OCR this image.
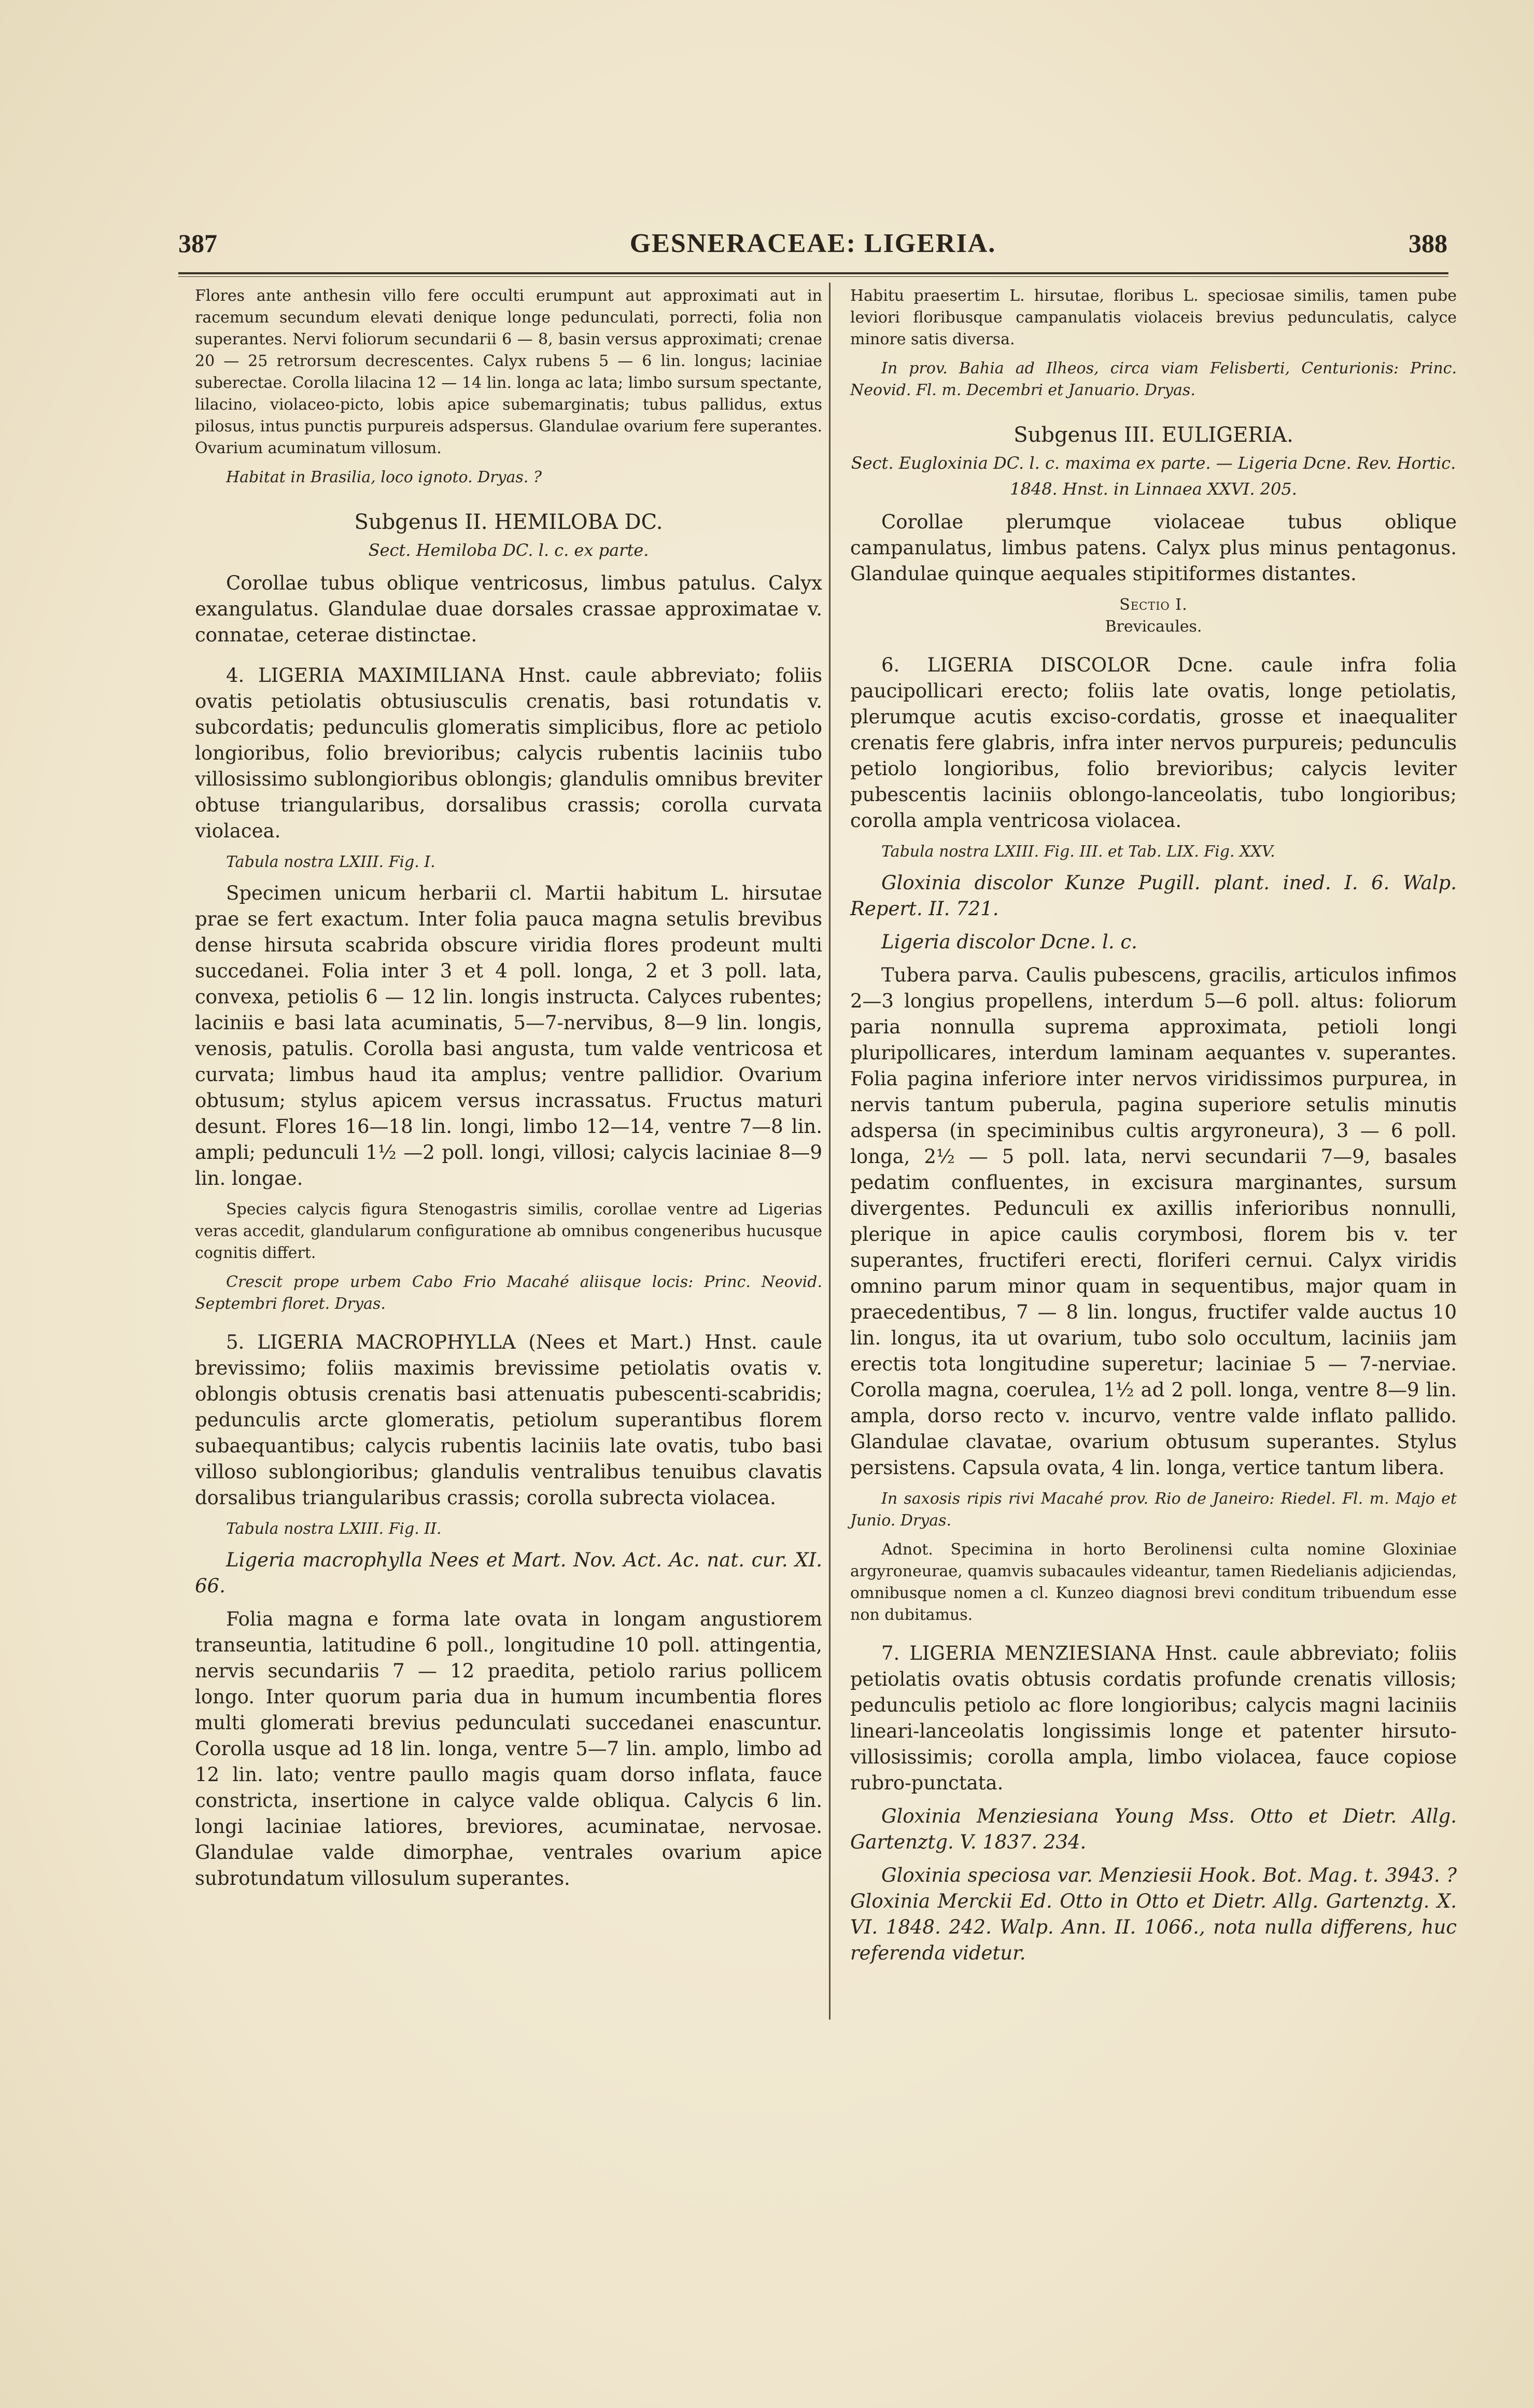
387	GESNERACEAE: LIGERIA.	388

Flores ante anthesin villo fere occulti erumpunt aut approximati aut in racemum secundum elevati denique longe pedunculati, porrecti, folia non superantes. Nervi foliorum secundarii 6 — 8, basin versus approximati; crenae 20 — 25 retrorsum decrescentes. Calyx rubens 5 — 6 lin. longus; laciniae suberectae. Corolla lilacina 12 — 14 lin. longa ac lata; limbo sursum spectante, lilacino, violaceo-picto, lobis apice subemarginatis; tubus pallidus, extus pilosus, intus punctis purpureis adspersus. Glandulae ovarium fere superantes. Ovarium acuminatum villosum.

Habitat in Brasilia, loco ignoto. Dryas. ?

Subgenus II. HEMILOBA DC.
Sect. Hemiloba DC. l. c. ex parte.

Corollae tubus oblique ventricosus, limbus patulus. Calyx exangulatus. Glandulae duae dorsales crassae approximatae v. connatae, ceterae distinctae.

4. LIGERIA MAXIMILIANA Hnst. caule abbreviato; foliis ovatis petiolatis obtusiusculis crenatis, basi rotundatis v. subcordatis; pedunculis glomeratis simplicibus, flore ac petiolo longioribus, folio brevioribus; calycis rubentis laciniis tubo villosissimo sublongioribus oblongis; glandulis omnibus breviter obtuse triangularibus, dorsalibus crassis; corolla curvata violacea.

Tabula nostra LXIII. Fig. I.

Specimen unicum herbarii cl. Martii habitum L. hirsutae prae se fert exactum. Inter folia pauca magna setulis brevibus dense hirsuta scabrida obscure viridia flores prodeunt multi succedanei. Folia inter 3 et 4 poll. longa, 2 et 3 poll. lata, convexa, petiolis 6 — 12 lin. longis instructa. Calyces rubentes; laciniis e basi lata acuminatis, 5—7-nervibus, 8—9 lin. longis, venosis, patulis. Corolla basi angusta, tum valde ventricosa et curvata; limbus haud ita amplus; ventre pallidior. Ovarium obtusum; stylus apicem versus incrassatus. Fructus maturi desunt. Flores 16—18 lin. longi, limbo 12—14, ventre 7—8 lin. ampli; pedunculi 1½ —2 poll. longi, villosi; calycis laciniae 8—9 lin. longae.

Species calycis figura Stenogastris similis, corollae ventre ad Ligerias veras accedit, glandularum configuratione ab omnibus congeneribus hucusque cognitis differt.

Crescit prope urbem Cabo Frio Macahé aliisque locis: Princ. Neovid. Septembri floret. Dryas.

5. LIGERIA MACROPHYLLA (Nees et Mart.) Hnst. caule brevissimo; foliis maximis brevissime petiolatis ovatis v. oblongis obtusis crenatis basi attenuatis pubescenti-scabridis; pedunculis arcte glomeratis, petiolum superantibus florem subaequantibus; calycis rubentis laciniis late ovatis, tubo basi villoso sublongioribus; glandulis ventralibus tenuibus clavatis dorsalibus triangularibus crassis; corolla subrecta violacea.

Tabula nostra LXIII. Fig. II.

Ligeria macrophylla Nees et Mart. Nov. Act. Ac. nat. cur. XI. 66.

Folia magna e forma late ovata in longam angustiorem transeuntia, latitudine 6 poll., longitudine 10 poll. attingentia, nervis secundariis 7 — 12 praedita, petiolo rarius pollicem longo. Inter quorum paria dua in humum incumbentia flores multi glomerati brevius pedunculati succedanei enascuntur. Corolla usque ad 18 lin. longa, ventre 5—7 lin. amplo, limbo ad 12 lin. lato; ventre paullo magis quam dorso inflata, fauce constricta, insertione in calyce valde obliqua. Calycis 6 lin. longi laciniae latiores, breviores, acuminatae, nervosae. Glandulae valde dimorphae, ventrales ovarium apice subrotundatum villosulum superantes.

Habitu praesertim L. hirsutae, floribus L. speciosae similis, tamen pube leviori floribusque campanulatis violaceis brevius pedunculatis, calyce minore satis diversa.

In prov. Bahia ad Ilheos, circa viam Felisberti, Centurionis: Princ. Neovid. Fl. m. Decembri et Januario. Dryas.

Subgenus III. EULIGERIA.
Sect. Eugloxinia DC. l. c. maxima ex parte. — Ligeria Dcne. Rev. Hortic. 1848. Hnst. in Linnaea XXVI. 205.

Corollae plerumque violaceae tubus oblique campanulatus, limbus patens. Calyx plus minus pentagonus. Glandulae quinque aequales stipitiformes distantes.

Sectio I.
Brevicaules.

6. LIGERIA DISCOLOR Dcne. caule infra folia paucipollicari erecto; foliis late ovatis, longe petiolatis, plerumque acutis exciso-cordatis, grosse et inaequaliter crenatis fere glabris, infra inter nervos purpureis; pedunculis petiolo longioribus, folio brevioribus; calycis leviter pubescentis laciniis oblongo-lanceolatis, tubo longioribus; corolla ampla ventricosa violacea.

Tabula nostra LXIII. Fig. III. et Tab. LIX. Fig. XXV.

Gloxinia discolor Kunze Pugill. plant. ined. I. 6. Walp. Repert. II. 721.

Ligeria discolor Dcne. l. c.

Tubera parva. Caulis pubescens, gracilis, articulos infimos 2—3 longius propellens, interdum 5—6 poll. altus: foliorum paria nonnulla suprema approximata, petioli longi pluripollicares, interdum laminam aequantes v. superantes. Folia pagina inferiore inter nervos viridissimos purpurea, in nervis tantum puberula, pagina superiore setulis minutis adspersa (in speciminibus cultis argyroneura), 3 — 6 poll. longa, 2½ — 5 poll. lata, nervi secundarii 7—9, basales pedatim confluentes, in excisura marginantes, sursum divergentes. Pedunculi ex axillis inferioribus nonnulli, plerique in apice caulis corymbosi, florem bis v. ter superantes, fructiferi erecti, floriferi cernui. Calyx viridis omnino parum minor quam in sequentibus, major quam in praecedentibus, 7 — 8 lin. longus, fructifer valde auctus 10 lin. longus, ita ut ovarium, tubo solo occultum, laciniis jam erectis tota longitudine superetur; laciniae 5 — 7-nerviae. Corolla magna, coerulea, 1½ ad 2 poll. longa, ventre 8—9 lin. ampla, dorso recto v. incurvo, ventre valde inflato pallido. Glandulae clavatae, ovarium obtusum superantes. Stylus persistens. Capsula ovata, 4 lin. longa, vertice tantum libera.

In saxosis ripis rivi Macahé prov. Rio de Janeiro: Riedel. Fl. m. Majo et Junio. Dryas.

Adnot. Specimina in horto Berolinensi culta nomine Gloxiniae argyroneurae, quamvis subacaules videantur, tamen Riedelianis adjiciendas, omnibusque nomen a cl. Kunzeo diagnosi brevi conditum tribuendum esse non dubitamus.

7. LIGERIA MENZIESIANA Hnst. caule abbreviato; foliis petiolatis ovatis obtusis cordatis profunde crenatis villosis; pedunculis petiolo ac flore longioribus; calycis magni laciniis lineari-lanceolatis longissimis longe et patenter hirsuto-villosissimis; corolla ampla, limbo violacea, fauce copiose rubro-punctata.

Gloxinia Menziesiana Young Mss. Otto et Dietr. Allg. Gartenztg. V. 1837. 234.

Gloxinia speciosa var. Menziesii Hook. Bot. Mag. t. 3943. ? Gloxinia Merckii Ed. Otto in Otto et Dietr. Allg. Gartenztg. X. VI. 1848. 242. Walp. Ann. II. 1066., nota nulla differens, huc referenda videtur.
